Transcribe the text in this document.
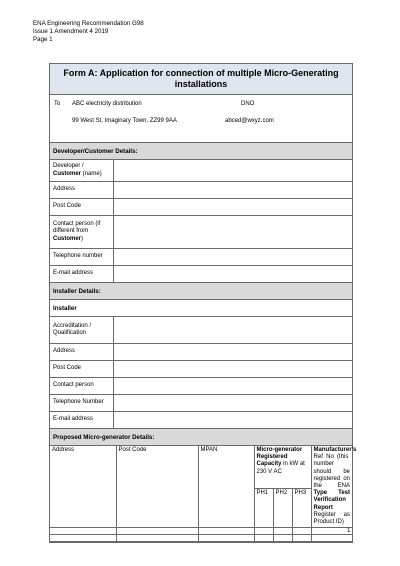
ENA Engineering Recommendation G98
Issue 1 Amendment 4 2019
Page 1
Form A: Application for connection of multiple Micro-Generating installations
To ABC electricity distribution	DNO
99 West St, Imaginary Town, ZZ99 9AA	abced@wxyz.com
Developer/Customer Details:
Developer / Customer (name)
Address
Post Code
Contact person (if different from Customer)
Telephone number
E-mail address
Installer Details:
Installer
Accreditation / Qualification
Address
Post Code
Contact person
Telephone Number
E-mail address
Proposed Micro-generator Details:
Address	Post Code	MPAN	Micro-generator Registered Capacity in kW at 230 V AC			Manufacturer's Ref No (this number should be registered on the ENA Type Test Verification Report Register as Product ID)
			PH1	PH2	PH3	

1
